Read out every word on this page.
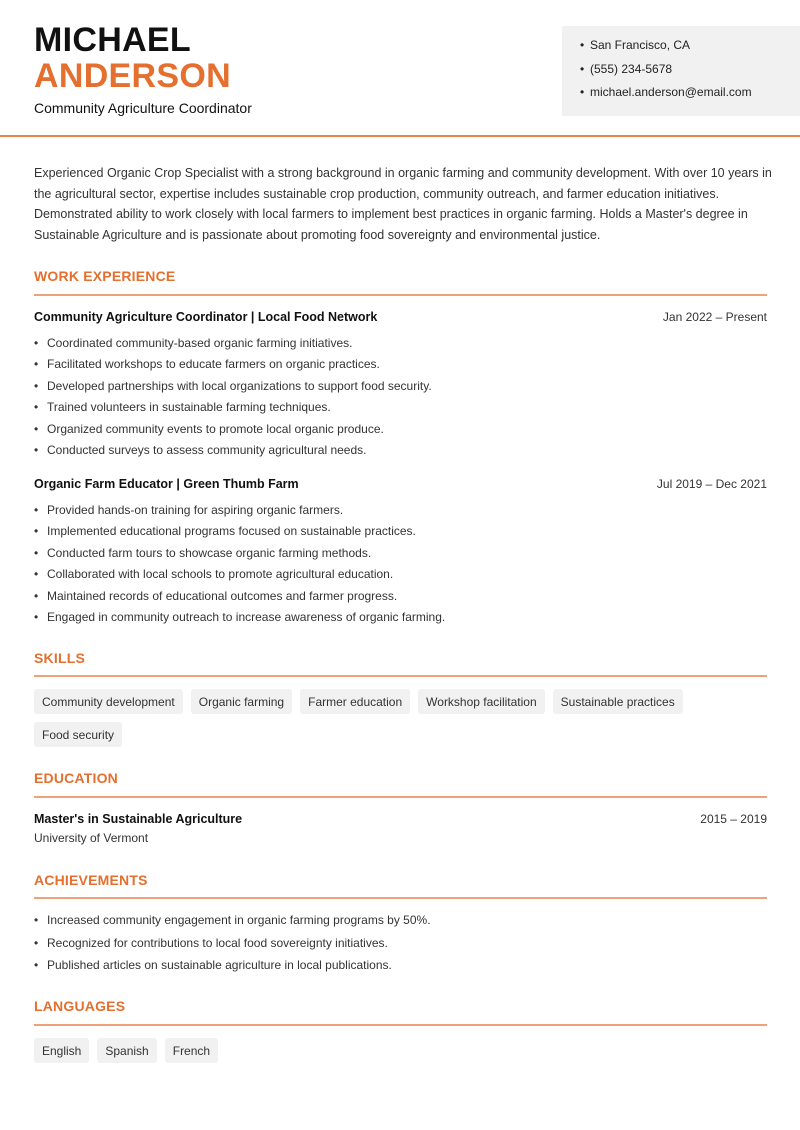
MICHAEL
ANDERSON
Community Agriculture Coordinator
• San Francisco, CA
• (555) 234-5678
• michael.anderson@email.com
Experienced Organic Crop Specialist with a strong background in organic farming and community development. With over 10 years in the agricultural sector, expertise includes sustainable crop production, community outreach, and farmer education initiatives. Demonstrated ability to work closely with local farmers to implement best practices in organic farming. Holds a Master's degree in Sustainable Agriculture and is passionate about promoting food sovereignty and environmental justice.
WORK EXPERIENCE
Community Agriculture Coordinator | Local Food Network	Jan 2022 – Present
• Coordinated community-based organic farming initiatives.
• Facilitated workshops to educate farmers on organic practices.
• Developed partnerships with local organizations to support food security.
• Trained volunteers in sustainable farming techniques.
• Organized community events to promote local organic produce.
• Conducted surveys to assess community agricultural needs.
Organic Farm Educator | Green Thumb Farm	Jul 2019 – Dec 2021
• Provided hands-on training for aspiring organic farmers.
• Implemented educational programs focused on sustainable practices.
• Conducted farm tours to showcase organic farming methods.
• Collaborated with local schools to promote agricultural education.
• Maintained records of educational outcomes and farmer progress.
• Engaged in community outreach to increase awareness of organic farming.
SKILLS
Community development	Organic farming	Farmer education	Workshop facilitation	Sustainable practices
Food security
EDUCATION
Master's in Sustainable Agriculture	2015 – 2019
University of Vermont
ACHIEVEMENTS
• Increased community engagement in organic farming programs by 50%.
• Recognized for contributions to local food sovereignty initiatives.
• Published articles on sustainable agriculture in local publications.
LANGUAGES
English	Spanish	French
